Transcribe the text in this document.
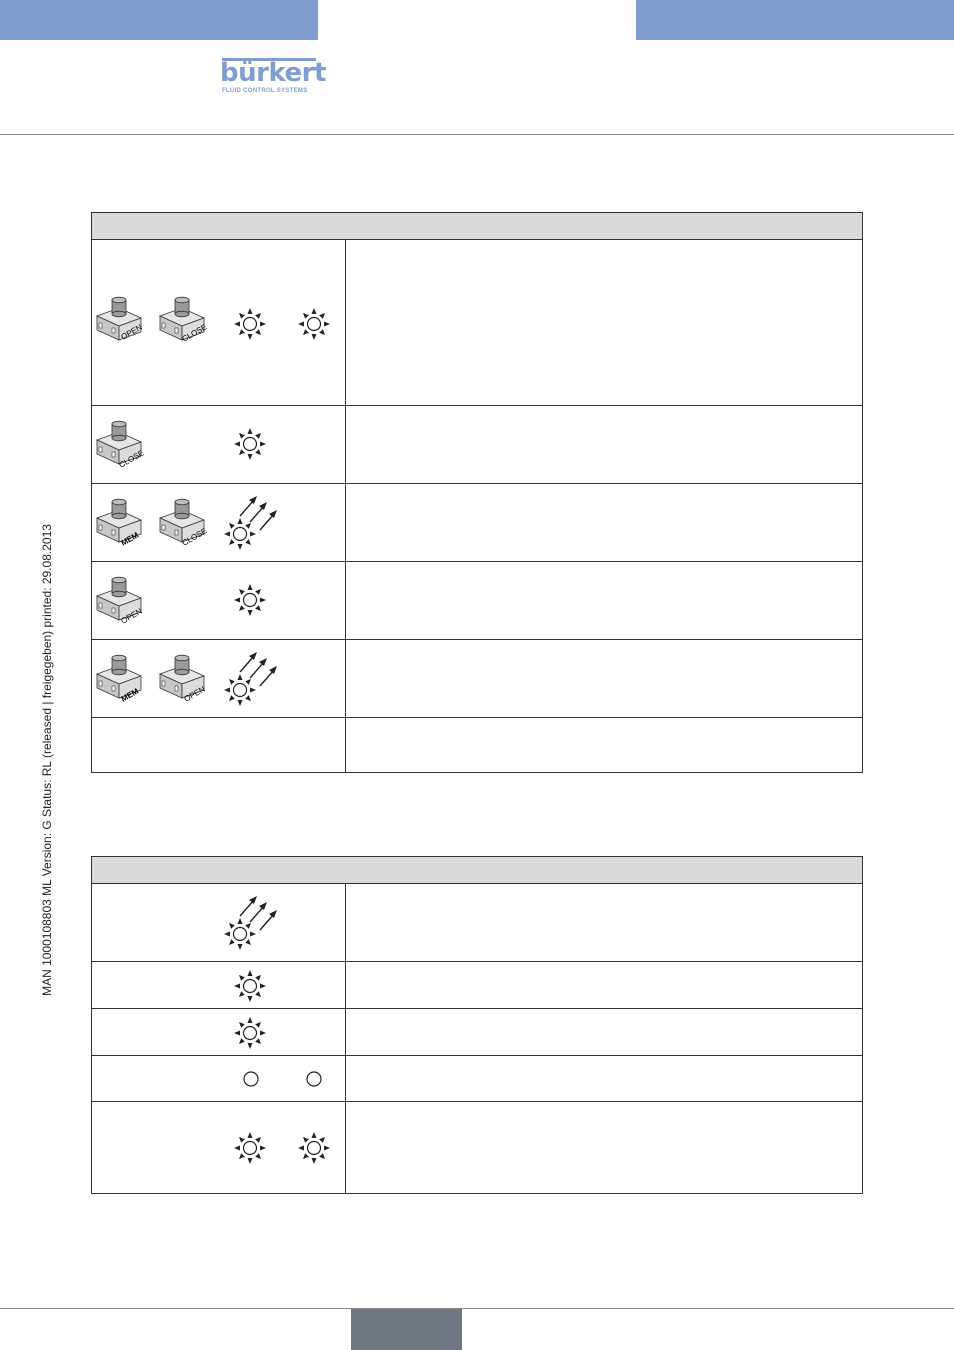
bürkert
FLUID CONTROL SYSTEMS
MAN 1000108803 ML Version: G Status: RL (released | freigegeben) printed: 29.08.2013

OPEN CLOSE	

CLOSE	

MEM CLOSE	

OPEN	

MEM OPEN	
